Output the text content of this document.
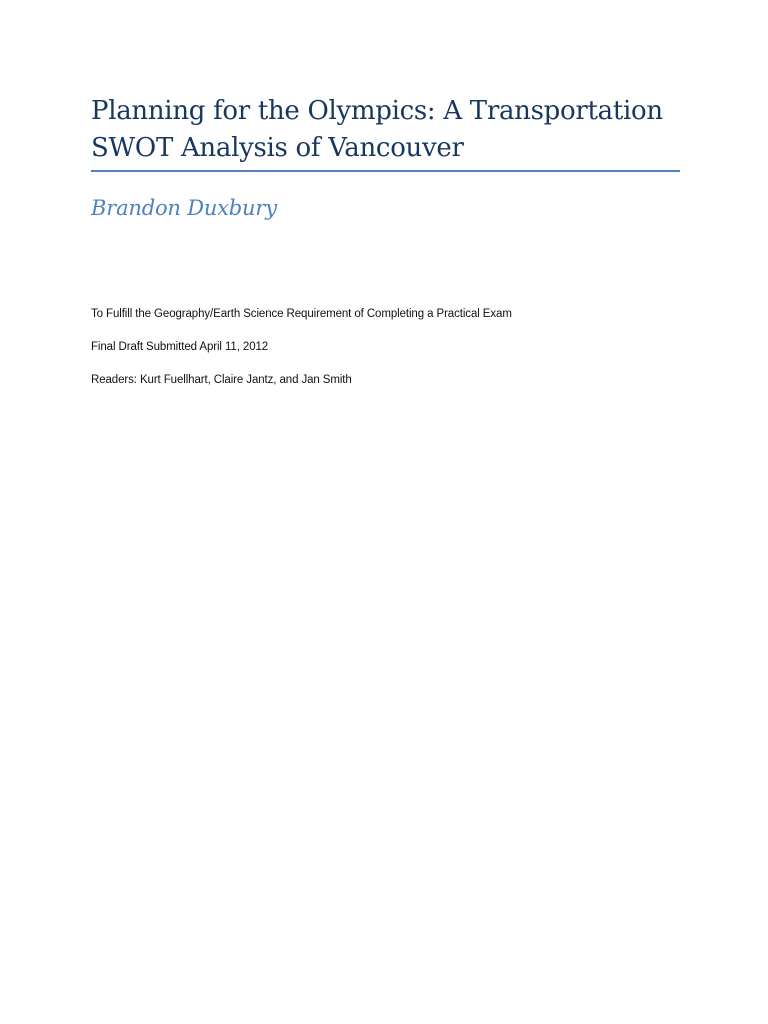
Planning for the Olympics: A Transportation
SWOT Analysis of Vancouver

Brandon Duxbury

To Fulfill the Geography/Earth Science Requirement of Completing a Practical Exam

Final Draft Submitted April 11, 2012

Readers: Kurt Fuellhart, Claire Jantz, and Jan Smith
